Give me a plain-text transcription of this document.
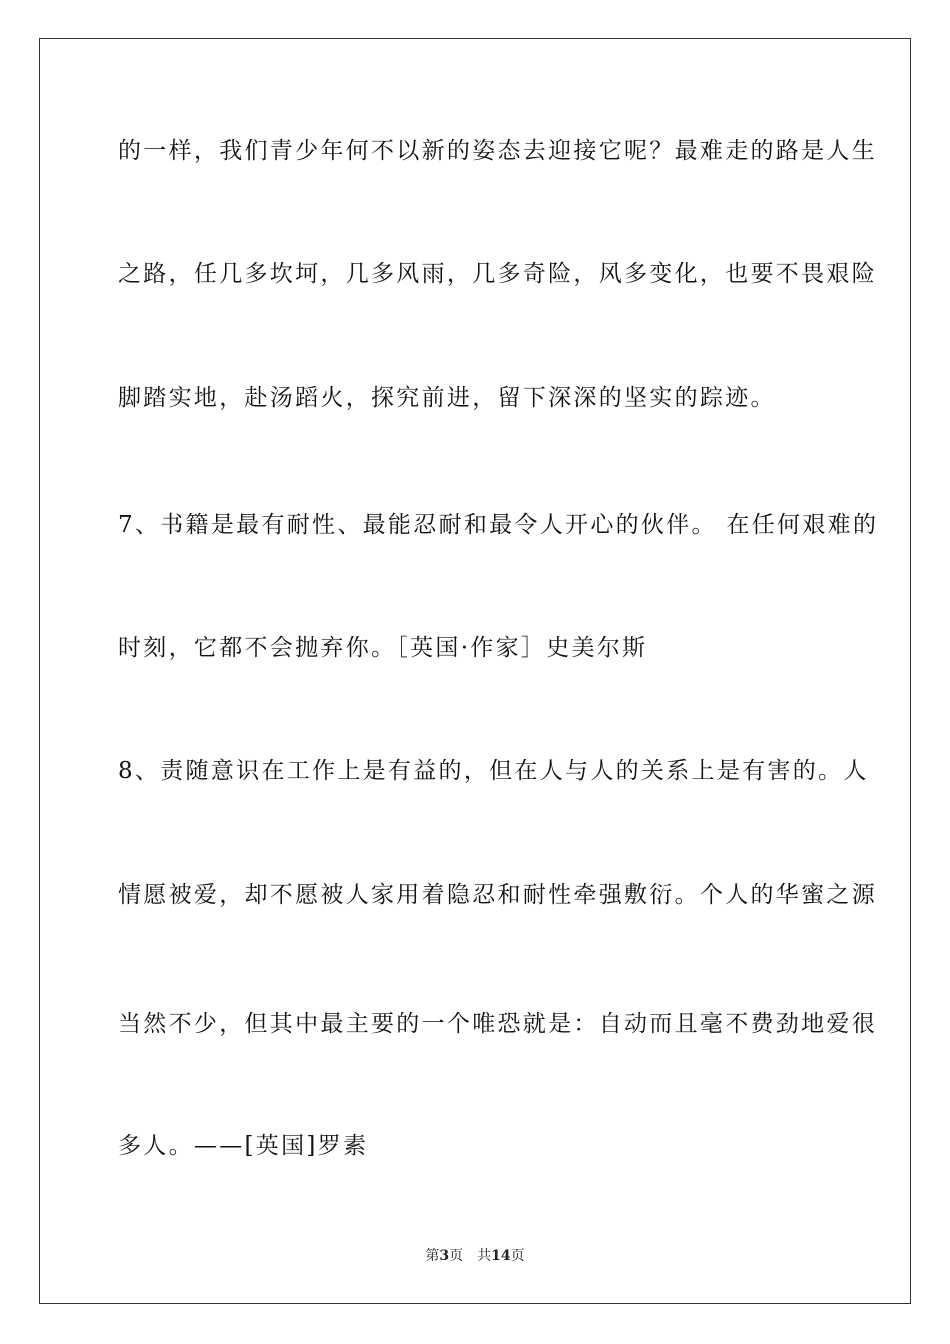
的一样，我们青少年何不以新的姿态去迎接它呢？最难走的路是人生
之路，任几多坎坷，几多风雨，几多奇险，风多变化，也要不畏艰险
脚踏实地，赴汤蹈火，探究前进，留下深深的坚实的踪迹。
7、书籍是最有耐性、最能忍耐和最令人开心的伙伴。 在任何艰难的
时刻，它都不会抛弃你。［英国·作家］史美尔斯
8、责随意识在工作上是有益的，但在人与人的关系上是有害的。人
情愿被爱，却不愿被人家用着隐忍和耐性牵强敷衍。个人的华蜜之源
当然不少，但其中最主要的一个唯恐就是：自动而且毫不费劲地爱很
多人。——[英国]罗素
第3页 共14页
